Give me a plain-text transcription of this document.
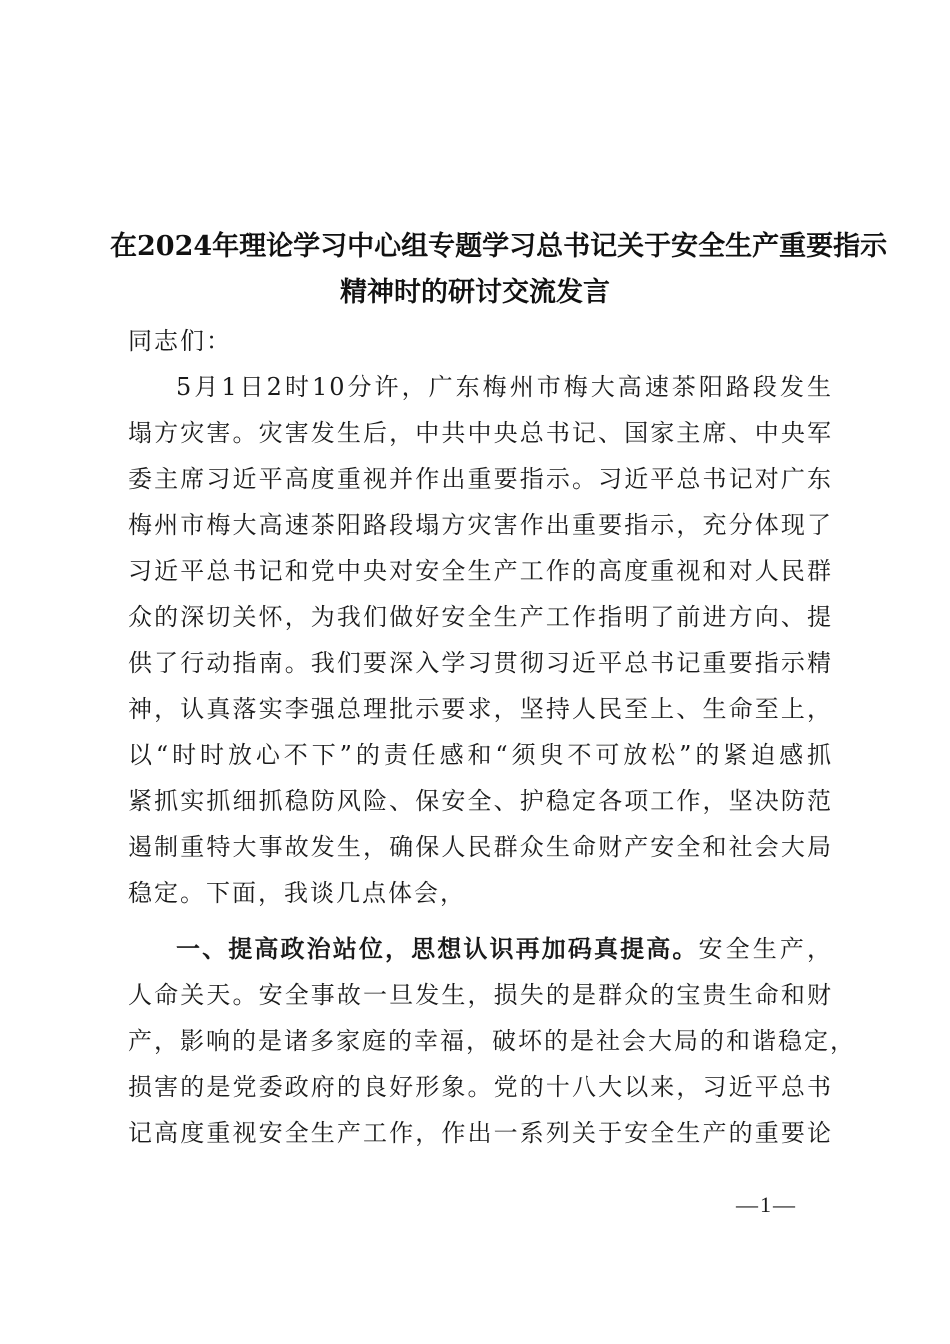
在2024年理论学习中心组专题学习总书记关于安全生产重要指示
精神时的研讨交流发言
同志们：
5月1日2时10分许，广东梅州市梅大高速茶阳路段发生
塌方灾害。灾害发生后，中共中央总书记、国家主席、中央军
委主席习近平高度重视并作出重要指示。习近平总书记对广东
梅州市梅大高速茶阳路段塌方灾害作出重要指示，充分体现了
习近平总书记和党中央对安全生产工作的高度重视和对人民群
众的深切关怀，为我们做好安全生产工作指明了前进方向、提
供了行动指南。我们要深入学习贯彻习近平总书记重要指示精
神，认真落实李强总理批示要求，坚持人民至上、生命至上，
以“时时放心不下”的责任感和“须臾不可放松”的紧迫感抓
紧抓实抓细抓稳防风险、保安全、护稳定各项工作，坚决防范
遏制重特大事故发生，确保人民群众生命财产安全和社会大局
稳定。下面，我谈几点体会，
一、提高政治站位，思想认识再加码真提高。安全生产，
人命关天。安全事故一旦发生，损失的是群众的宝贵生命和财
产，影响的是诸多家庭的幸福，破坏的是社会大局的和谐稳定，
损害的是党委政府的良好形象。党的十八大以来，习近平总书
记高度重视安全生产工作，作出一系列关于安全生产的重要论
—1—
